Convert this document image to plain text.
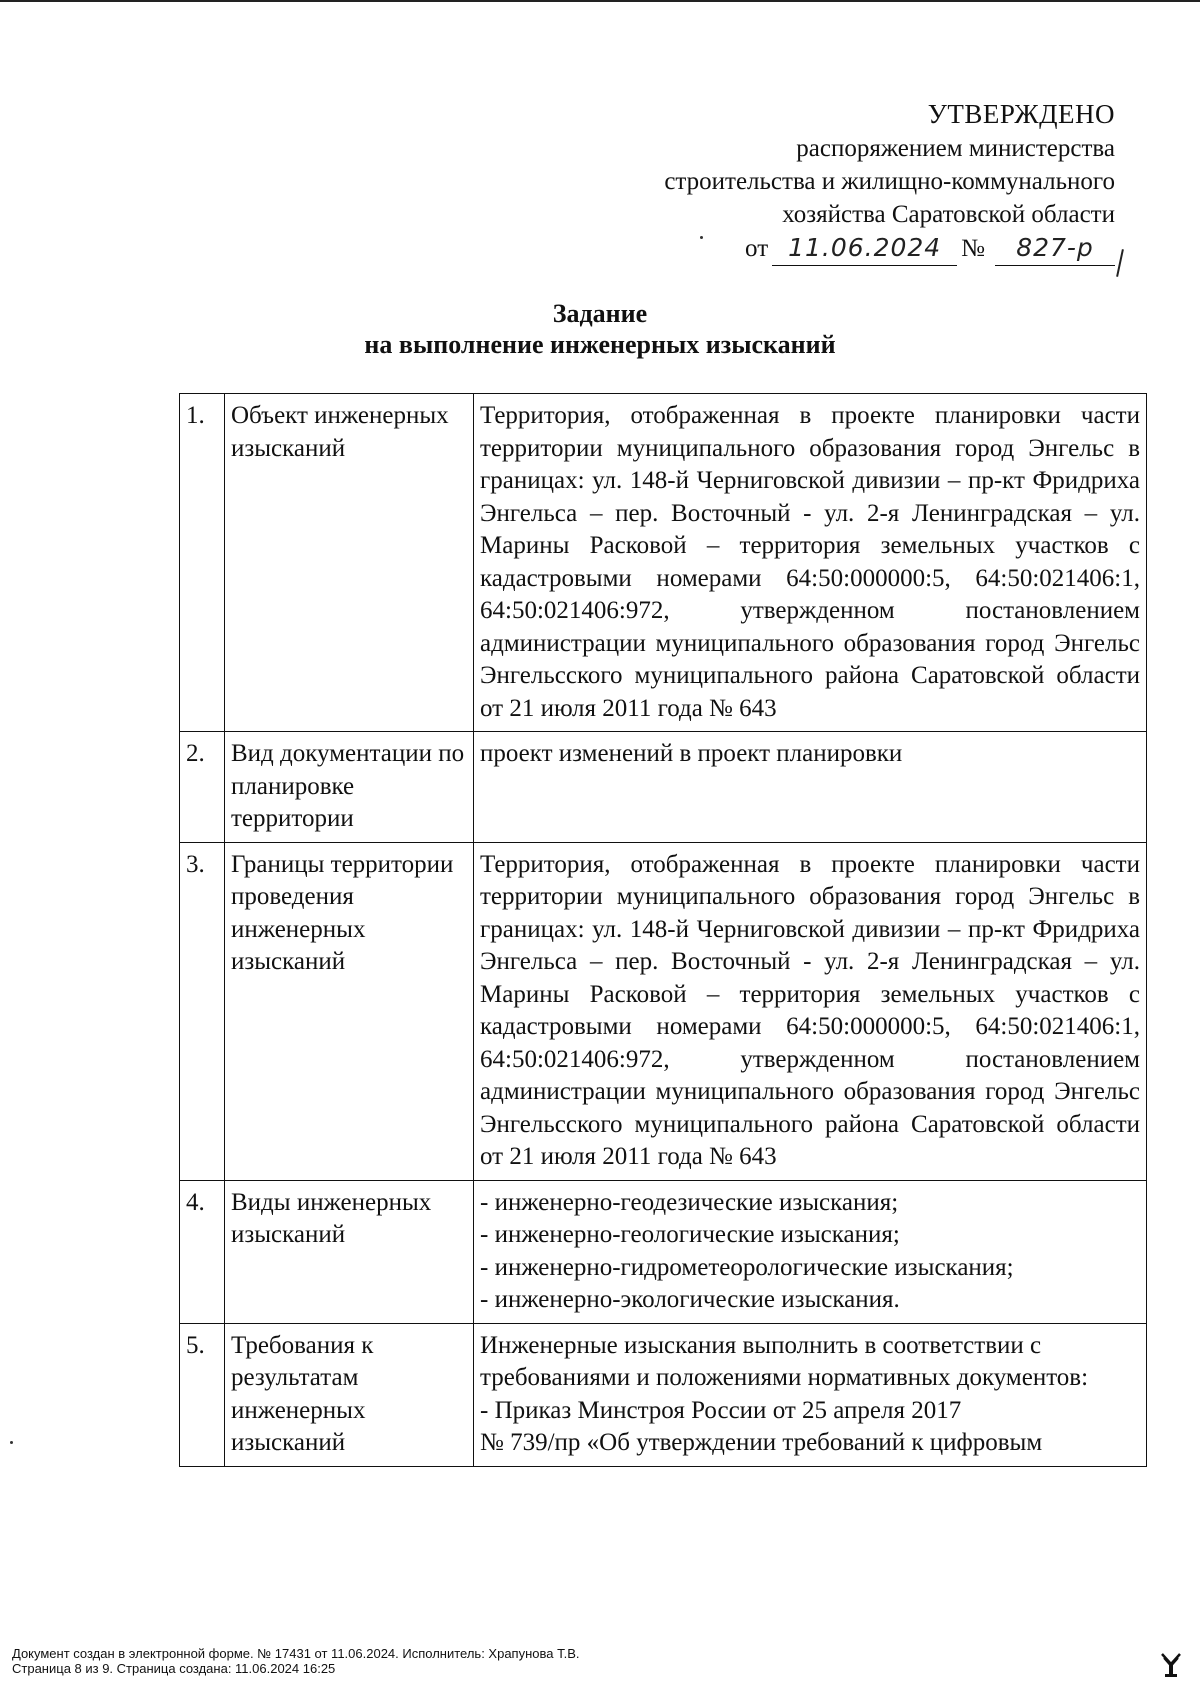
УТВЕРЖДЕНО
распоряжением министерства
строительства и жилищно-коммунального
хозяйства Саратовской области
от 11.06.2024 № 827-р
Задание
на выполнение инженерных изысканий
1.	Объект инженерных изысканий	Территория, отображенная в проекте планировки части территории муниципального образования город Энгельс в границах: ул. 148-й Черниговской дивизии – пр-кт Фридриха Энгельса – пер. Восточный - ул. 2-я Ленинградская – ул. Марины Расковой – территория земельных участков с кадастровыми номерами 64:50:000000:5, 64:50:021406:1, 64:50:021406:972, утвержденном постановлением администрации муниципального образования город Энгельс Энгельсского муниципального района Саратовской области от 21 июля 2011 года № 643
2.	Вид документации по планировке территории	проект изменений в проект планировки
3.	Границы территории проведения инженерных изысканий	Территория, отображенная в проекте планировки части территории муниципального образования город Энгельс в границах: ул. 148-й Черниговской дивизии – пр-кт Фридриха Энгельса – пер. Восточный - ул. 2-я Ленинградская – ул. Марины Расковой – территория земельных участков с кадастровыми номерами 64:50:000000:5, 64:50:021406:1, 64:50:021406:972, утвержденном постановлением администрации муниципального образования город Энгельс Энгельсского муниципального района Саратовской области от 21 июля 2011 года № 643
4.	Виды инженерных изысканий	- инженерно-геодезические изыскания;
- инженерно-геологические изыскания;
- инженерно-гидрометеорологические изыскания;
- инженерно-экологические изыскания.

5.	Требования к результатам инженерных изысканий	Инженерные изыскания выполнить в соответствии с требованиями и положениями нормативных документов:
- Приказ Минстроя России от 25 апреля 2017
№ 739/пр «Об утверждении требований к цифровым
Документ создан в электронной форме. № 17431 от 11.06.2024. Исполнитель: Храпунова Т.В.
Страница 8 из 9. Страница создана: 11.06.2024 16:25
